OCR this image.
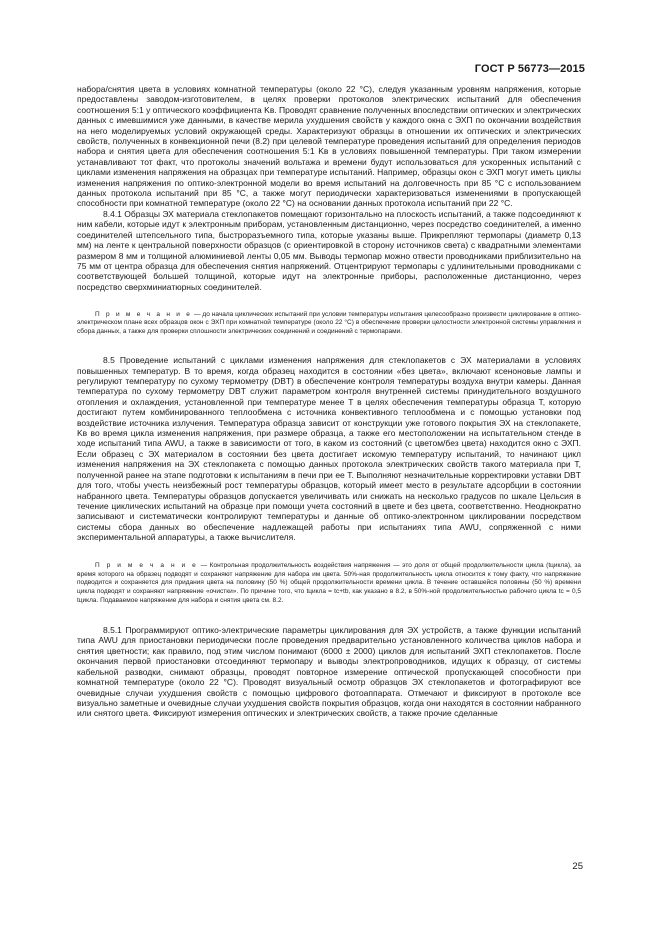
ГОСТ Р 56773—2015

набора/снятия цвета в условиях комнатной температуры (около 22 °С), следуя указанным уровням напряжения, которые предоставлены заводом-изготовителем, в целях проверки протоколов электрических испытаний для обеспечения соотношения 5:1 у оптического коэффициента Kв. Проводят сравнение полученных впоследствии оптических и электрических данных с имевшимися уже данными, в качестве мерила ухудшения свойств у каждого окна с ЭХП по окончании воздействия на него моделируемых условий окружающей среды. Характеризуют образцы в отношении их оптических и электрических свойств, полученных в конвекционной печи (8.2) при целевой температуре проведения испытаний для определения периодов набора и снятия цвета для обеспечения соотношения 5:1 Kв в условиях повышенной температуры. При таком измерении устанавливают тот факт, что протоколы значений вольтажа и времени будут использоваться для ускоренных испытаний с циклами изменения напряжения на образцах при температуре испытаний. Например, образцы окон с ЭХП могут иметь циклы изменения напряжения по оптико-электронной модели во время испытаний на долговечность при 85 °С с использованием данных протокола испытаний при 85 °С, а также могут периодически характеризоваться изменениями в пропускающей способности при комнатной температуре (около 22 °С) на основании данных протокола испытаний при 22 °С.

8.4.1 Образцы ЭХ материала стеклопакетов помещают горизонтально на плоскость испытаний, а также подсоединяют к ним кабели, которые идут к электронным приборам, установленным дистанционно, через посредство соединителей, а именно соединителей штепсельного типа, быстроразъемного типа, которые указаны выше. Прикрепляют термопары (диаметр 0,13 мм) на ленте к центральной поверхности образцов (с ориентировкой в сторону источников света) с квадратными элементами размером 8 мм и толщиной алюминиевой ленты 0,05 мм. Выводы термопар можно отвести проводниками приблизительно на 75 мм от центра образца для обеспечения снятия напряжений. Отцентрируют термопары с удлинительными проводниками с соответствующей большей толщиной, которые идут на электронные приборы, расположенные дистанционно, через посредство сверхминиатюрных соединителей.

П р и м е ч а н и е — до начала циклических испытаний при условии температуры испытания целесообразно произвести циклирование в оптико-электрическом плане всех образцов окон с ЭХП при комнатной температуре (около 22 °С) в обеспечение проверки целостности электронной системы управления и сбора данных, а также для проверки сплошности электрических соединений и соединений с термопарами.

8.5 Проведение испытаний с циклами изменения напряжения для стеклопакетов с ЭХ материалами в условиях повышенных температур. В то время, когда образец находится в состоянии «без цвета», включают ксеноновые лампы и регулируют температуру по сухому термометру (DBT) в обеспечение контроля температуры воздуха внутри камеры. Данная температура по сухому термометру DBT служит параметром контроля внутренней системы принудительного воздушного отопления и охлаждения, установленной при температуре менее Т в целях обеспечения температуры образца Т, которую достигают путем комбинированного теплообмена с источника конвективного теплообмена и с помощью установки под воздействие источника излучения. Температура образца зависит от конструкции уже готового покрытия ЭХ на стеклопакете, Kв во время цикла изменения напряжения, при размере образца, а также его местоположении на испытательном стенде в ходе испытаний типа AWU, а также в зависимости от того, в каком из состояний (с цветом/без цвета) находится окно с ЭХП. Если образец с ЭХ материалом в состоянии без цвета достигает искомую температуру испытаний, то начинают цикл изменения напряжения на ЭХ стеклопакета с помощью данных протокола электрических свойств такого материала при Т, полученной ранее на этапе подготовки к испытаниям в печи при ее Т. Выполняют незначительные корректировки уставки DBT для того, чтобы учесть неизбежный рост температуры образцов, который имеет место в результате адсорбции в состоянии набранного цвета. Температуры образцов допускается увеличивать или снижать на несколько градусов по шкале Цельсия в течение циклических испытаний на образце при помощи учета состояний в цвете и без цвета, соответственно. Неоднократно записывают и систематически контролируют температуры и данные об оптико-электронном циклировании посредством системы сбора данных во обеспечение надлежащей работы при испытаниях типа AWU, сопряженной с ними экспериментальной аппаратуры, а также вычислителя.

П р и м е ч а н и е — Контрольная продолжительность воздействия напряжения — это доля от общей продолжительности цикла (tцикла), за время которого на образец подводят и сохраняют напряжение для набора им цвета. 50%-ная продолжительность цикла относится к тому факту, что напряжение подводится и сохраняется для придания цвета на половину (50 %) общей продолжительности времени цикла. В течение оставшейся половины (50 %) времени цикла подводят и сохраняют напряжение «очистки». По причине того, что tцикла = tс+tb, как указано в 8.2, в 50%-ной продолжительностью рабочего цикла tс = 0,5 tцикла. Подаваемое напряжение для набора и снятия цвета см. 8.2.

8.5.1 Программируют оптико-электрические параметры циклирования для ЭХ устройств, а также функции испытаний типа AWU для приостановки периодически после проведения предварительно установленного количества циклов набора и снятия цветности; как правило, под этим числом понимают (6000 ± 2000) циклов для испытаний ЭХП стеклопакетов. После окончания первой приостановки отсоединяют термопару и выводы электропроводников, идущих к образцу, от системы кабельной разводки, снимают образцы, проводят повторное измерение оптической пропускающей способности при комнатной температуре (около 22 °С). Проводят визуальный осмотр образцов ЭХ стеклопакетов и фотографируют все очевидные случаи ухудшения свойств с помощью цифрового фотоаппарата. Отмечают и фиксируют в протоколе все визуально заметные и очевидные случаи ухудшения свойств покрытия образцов, когда они находятся в состоянии набранного или снятого цвета. Фиксируют измерения оптических и электрических свойств, а также прочие сделанные

25
